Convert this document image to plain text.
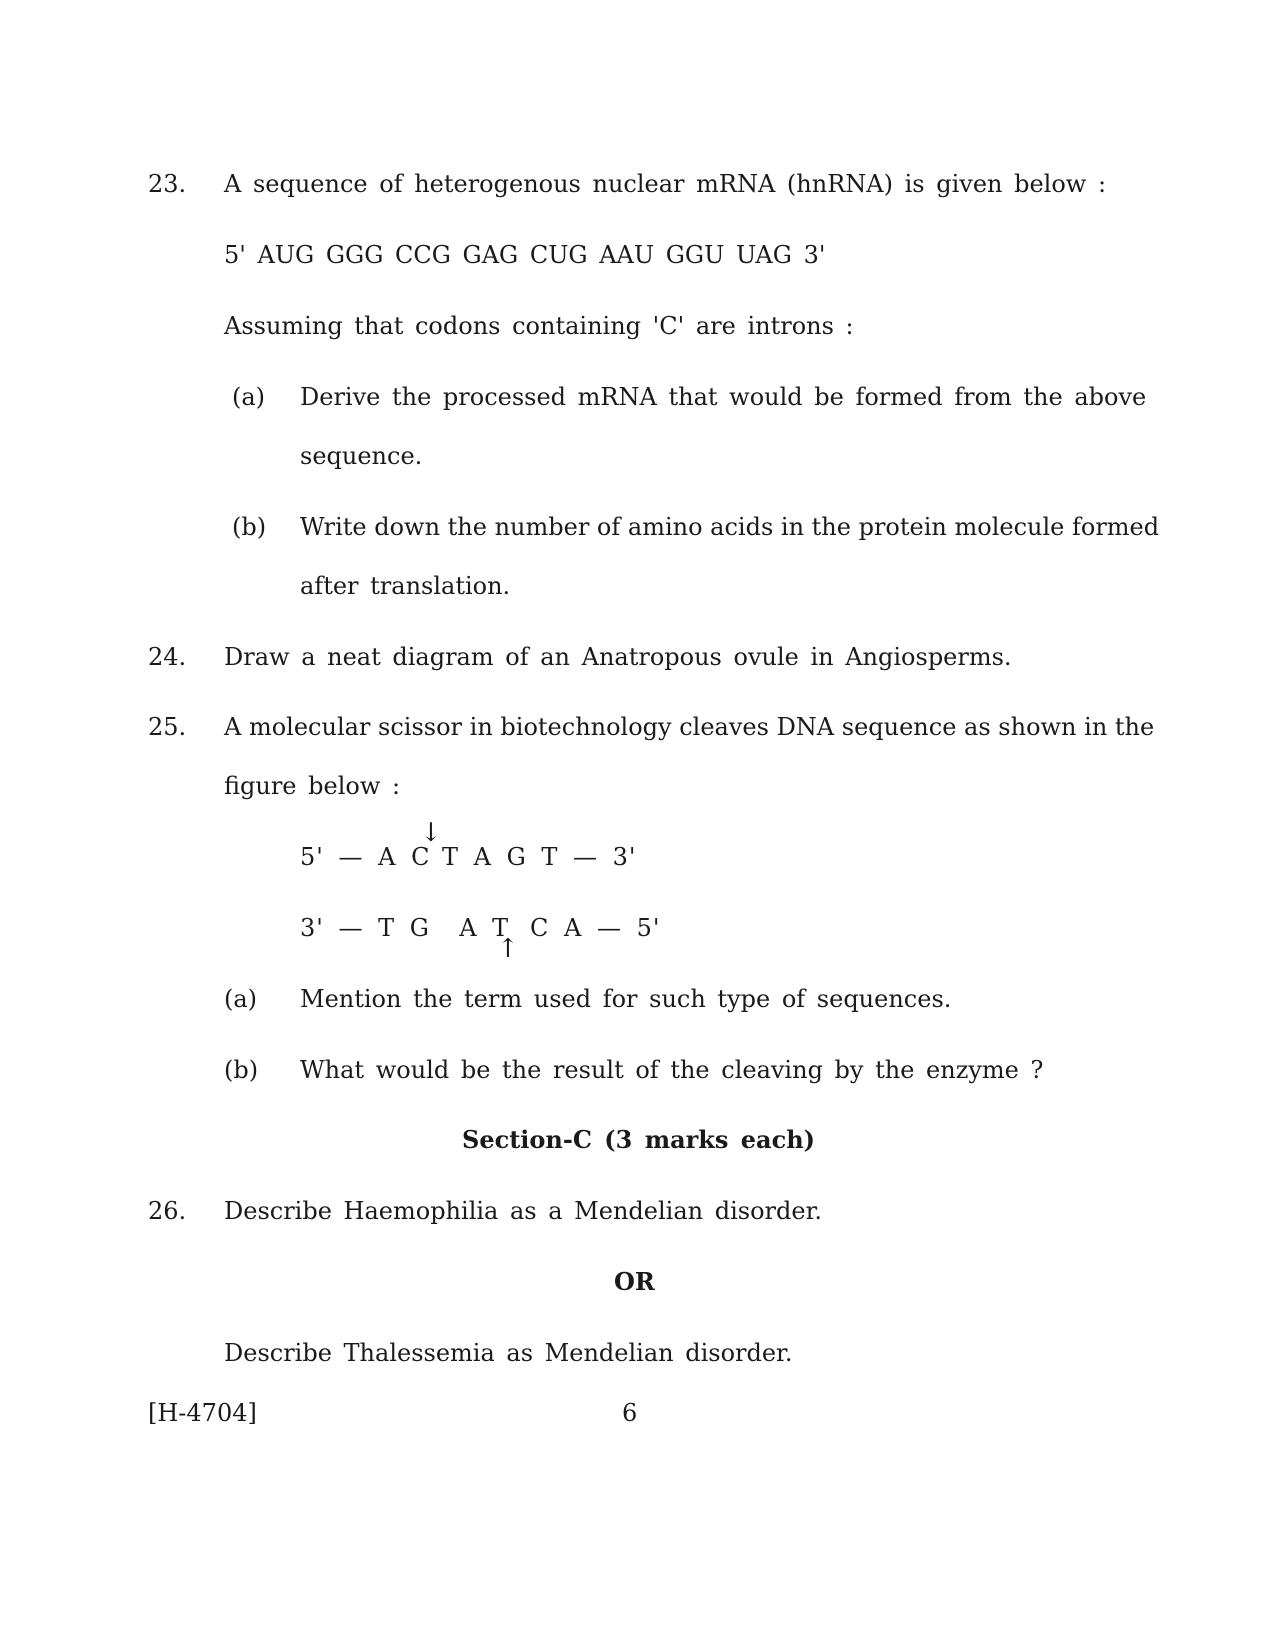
23. A sequence of heterogenous nuclear mRNA (hnRNA) is given below :
5' AUG GGG CCG GAG CUG AAU GGU UAG 3'
Assuming that codons containing 'C' are introns :
(a) Derive the processed mRNA that would be formed from the above
sequence.
(b) Write down the number of amino acids in the protein molecule formed
after translation.
24. Draw a neat diagram of an Anatropous ovule in Angiosperms.
25. A molecular scissor in biotechnology cleaves DNA sequence as shown in the
figure below :
5' — A C
↓
T A G T — 3'
3' — T G  A T
↑
C A — 5'
(a) Mention the term used for such type of sequences.
(b) What would be the result of the cleaving by the enzyme ?
Section-C (3 marks each)
26. Describe Haemophilia as a Mendelian disorder.
OR
Describe Thalessemia as Mendelian disorder.
[H-4704]	6
